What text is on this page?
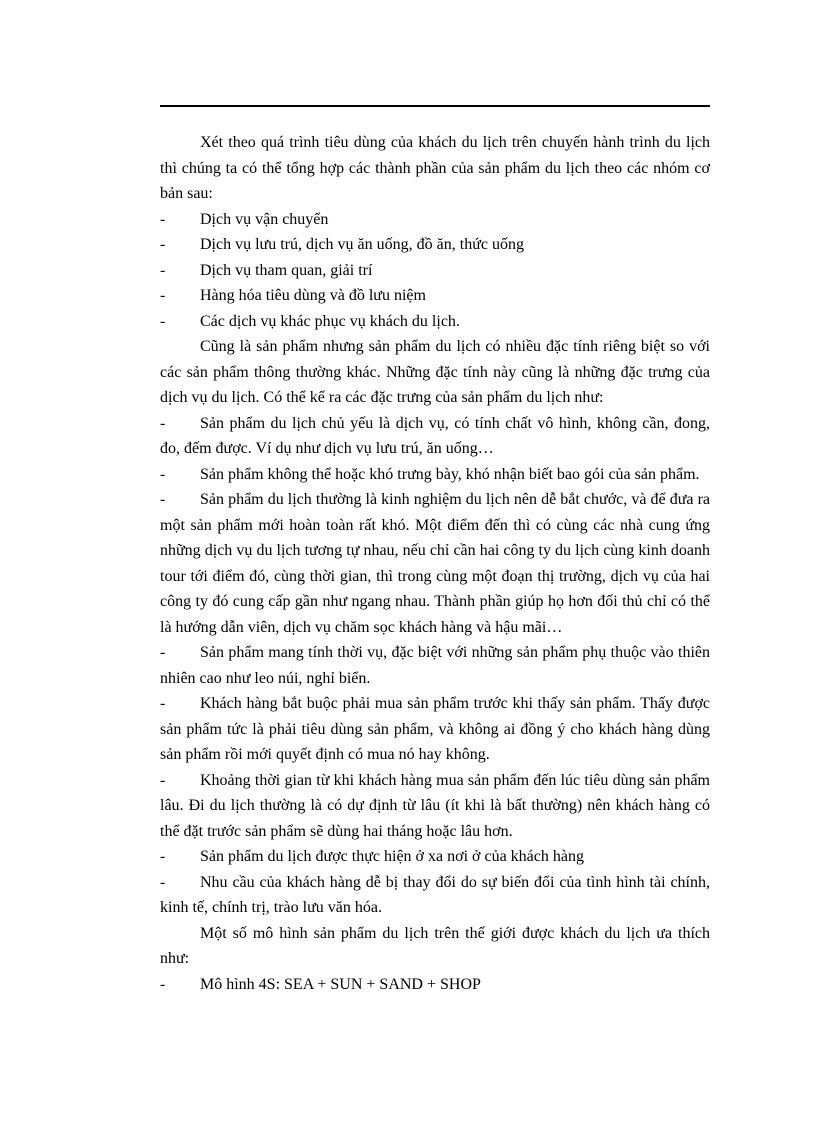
Xét theo quá trình tiêu dùng của khách du lịch trên chuyến hành trình du lịch thì chúng ta có thể tổng hợp các thành phần của sản phẩm du lịch theo các nhóm cơ bản sau:

- Dịch vụ vận chuyển

- Dịch vụ lưu trú, dịch vụ ăn uống, đồ ăn, thức uống

- Dịch vụ tham quan, giải trí

- Hàng hóa tiêu dùng và đồ lưu niệm

- Các dịch vụ khác phục vụ khách du lịch.

Cũng là sản phẩm nhưng sản phẩm du lịch có nhiều đặc tính riêng biệt so với các sản phẩm thông thường khác. Những đặc tính này cũng là những đặc trưng của dịch vụ du lịch. Có thể kể ra các đặc trưng của sản phẩm du lịch như:

- Sản phẩm du lịch chủ yếu là dịch vụ, có tính chất vô hình, không cần, đong, đo, đếm được. Ví dụ như dịch vụ lưu trú, ăn uống…

- Sản phẩm không thể hoặc khó trưng bày, khó nhận biết bao gói của sản phẩm.

- Sản phẩm du lịch thường là kinh nghiệm du lịch nên dễ bắt chước, và để đưa ra một sản phẩm mới hoàn toàn rất khó. Một điểm đến thì có cùng các nhà cung ứng những dịch vụ du lịch tương tự nhau, nếu chỉ cần hai công ty du lịch cùng kinh doanh tour tới điểm đó, cùng thời gian, thì trong cùng một đoạn thị trường, dịch vụ của hai công ty đó cung cấp gần như ngang nhau. Thành phần giúp họ hơn đối thủ chỉ có thể là hướng dẫn viên, dịch vụ chăm sọc khách hàng và hậu mãi…

- Sản phẩm mang tính thời vụ, đặc biệt với những sản phẩm phụ thuộc vào thiên nhiên cao như leo núi, nghỉ biển.

- Khách hàng bắt buộc phải mua sản phẩm trước khi thấy sản phẩm. Thấy được sản phẩm tức là phải tiêu dùng sản phẩm, và không ai đồng ý cho khách hàng dùng sản phẩm rồi mới quyết định có mua nó hay không.

- Khoảng thời gian từ khi khách hàng mua sản phẩm đến lúc tiêu dùng sản phẩm lâu. Đi du lịch thường là có dự định từ lâu (ít khi là bất thường) nên khách hàng có thể đặt trước sản phẩm sẽ dùng hai tháng hoặc lâu hơn.

- Sản phẩm du lịch được thực hiện ở xa nơi ở của khách hàng

- Nhu cầu của khách hàng dễ bị thay đổi do sự biến đổi của tình hình tài chính, kinh tế, chính trị, trào lưu văn hóa.

Một số mô hình sản phẩm du lịch trên thế giới được khách du lịch ưa thích như:

- Mô hình 4S: SEA + SUN + SAND + SHOP
